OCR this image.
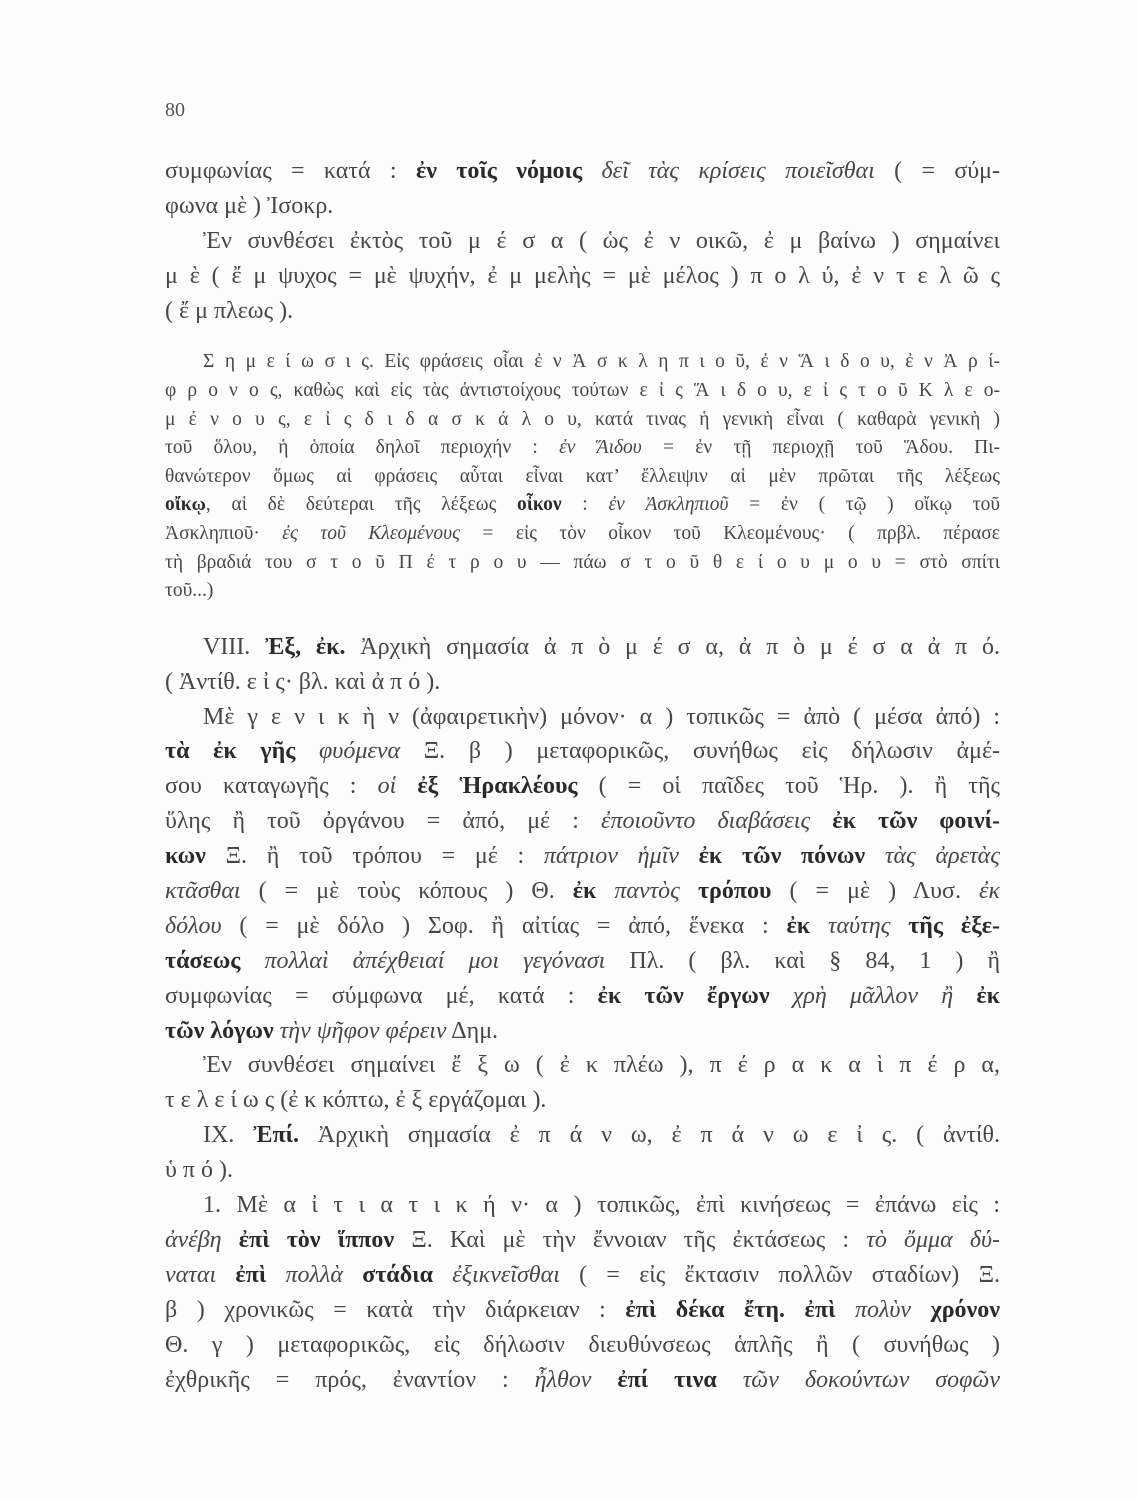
80
συμφωνίας = κατά : ἐν τοῖς νόμοις δεῖ τὰς κρίσεις ποιεῖσθαι ( = σύμ-
φωνα μὲ ) Ἰσοκρ.
Ἐν συνθέσει ἐκτὸς τοῦ μ έ σ α ( ὡς ἐ ν οικῶ, ἐ μ βαίνω ) σημαίνει
μ ὲ ( ἔ μ ψυχος = μὲ ψυχήν, ἐ μ μελὴς = μὲ μέλος ) π ο λ ύ, ἐ ν τ ε λ ῶ ς
( ἔ μ πλεως ).
Σ η μ ε ί ω σ ι ς. Εἰς φράσεις οἷαι ἐ ν Ἀ σ κ λ η π ι ο ῦ, ἐ ν Ἅ ι δ ο υ, ἐ ν Ἀ ρ ί-
φ ρ ο ν ο ς, καθὼς καὶ εἰς τὰς ἀντιστοίχους τούτων ε ἰ ς Ἅ ι δ ο υ, ε ἰ ς τ ο ῦ Κ λ ε ο-
μ έ ν ο υ ς, ε ἰ ς δ ι δ α σ κ ά λ ο υ, κατά τινας ἡ γενικὴ εἶναι ( καθαρὰ γενικὴ )
τοῦ ὅλου, ἡ ὁποία δηλοῖ περιοχήν : ἐν Ἅιδου = ἐν τῇ περιοχῇ τοῦ Ἅδου. Πι-
θανώτερον ὅμως αἱ φράσεις αὗται εἶναι κατ’ ἔλλειψιν αἱ μὲν πρῶται τῆς λέξεως
οἴκῳ, αἱ δὲ δεύτεραι τῆς λέξεως οἶκον : ἐν Ἀσκληπιοῦ = ἐν ( τῷ ) οἴκῳ τοῦ
Ἀσκληπιοῦ· ἐς τοῦ Κλεομένους = εἰς τὸν οἶκον τοῦ Κλεομένους· ( πρβλ. πέρασε
τὴ βραδιά του σ τ ο ῦ Π έ τ ρ ο υ — πάω σ τ ο ῦ θ ε ί ο υ μ ο υ = στὸ σπίτι
τοῦ...)
VIII. Ἐξ, ἐκ. Ἀρχικὴ σημασία ἀ π ὸ μ έ σ α, ἀ π ὸ μ έ σ α ἀ π ό.
( Ἀντίθ. ε ἰ ς· βλ. καὶ ἀ π ό ).
Μὲ γ ε ν ι κ ὴ ν (ἀφαιρετικὴν) μόνον· α ) τοπικῶς = ἀπὸ ( μέσα ἀπό) :
τὰ ἐκ γῆς φυόμενα Ξ. β ) μεταφορικῶς, συνήθως εἰς δήλωσιν ἀμέ-
σου καταγωγῆς : οἱ ἐξ Ἡρακλέους ( = οἱ παῖδες τοῦ Ἡρ. ). ἢ τῆς
ὕλης ἢ τοῦ ὀργάνου = ἀπό, μέ : ἐποιοῦντο διαβάσεις ἐκ τῶν φοινί-
κων Ξ. ἢ τοῦ τρόπου = μέ : πάτριον ἡμῖν ἐκ τῶν πόνων τὰς ἀρετὰς
κτᾶσθαι ( = μὲ τοὺς κόπους ) Θ. ἐκ παντὸς τρόπου ( = μὲ ) Λυσ. ἐκ
δόλου ( = μὲ δόλο ) Σοφ. ἢ αἰτίας = ἀπό, ἕνεκα : ἐκ ταύτης τῆς ἐξε-
τάσεως πολλαὶ ἀπέχθειαί μοι γεγόνασι Πλ. ( βλ. καὶ § 84, 1 ) ἢ
συμφωνίας = σύμφωνα μέ, κατά : ἐκ τῶν ἔργων χρὴ μᾶλλον ἢ ἐκ
τῶν λόγων τὴν ψῆφον φέρειν Δημ.
Ἐν συνθέσει σημαίνει ἔ ξ ω ( ἐ κ πλέω ), π έ ρ α κ α ὶ π έ ρ α,
τ ε λ ε ί ω ς (ἐ κ κόπτω, ἐ ξ εργάζομαι ).
IX. Ἐπί. Ἀρχικὴ σημασία ἐ π ά ν ω, ἐ π ά ν ω ε ἰ ς. ( ἀντίθ.
ὑ π ό ).
1. Μὲ α ἰ τ ι α τ ι κ ή ν· α ) τοπικῶς, ἐπὶ κινήσεως = ἐπάνω εἰς :
ἀνέβη ἐπὶ τὸν ἵππον Ξ. Καὶ μὲ τὴν ἔννοιαν τῆς ἐκτάσεως : τὸ ὄμμα δύ-
ναται ἐπὶ πολλὰ στάδια ἐξικνεῖσθαι ( = εἰς ἔκτασιν πολλῶν σταδίων) Ξ.
β ) χρονικῶς = κατὰ τὴν διάρκειαν : ἐπὶ δέκα ἔτη. ἐπὶ πολὺν χρόνον
Θ. γ ) μεταφορικῶς, εἰς δήλωσιν διευθύνσεως ἁπλῆς ἢ ( συνήθως )
ἐχθρικῆς = πρός, ἐναντίον : ἦλθον ἐπί τινα τῶν δοκούντων σοφῶν
